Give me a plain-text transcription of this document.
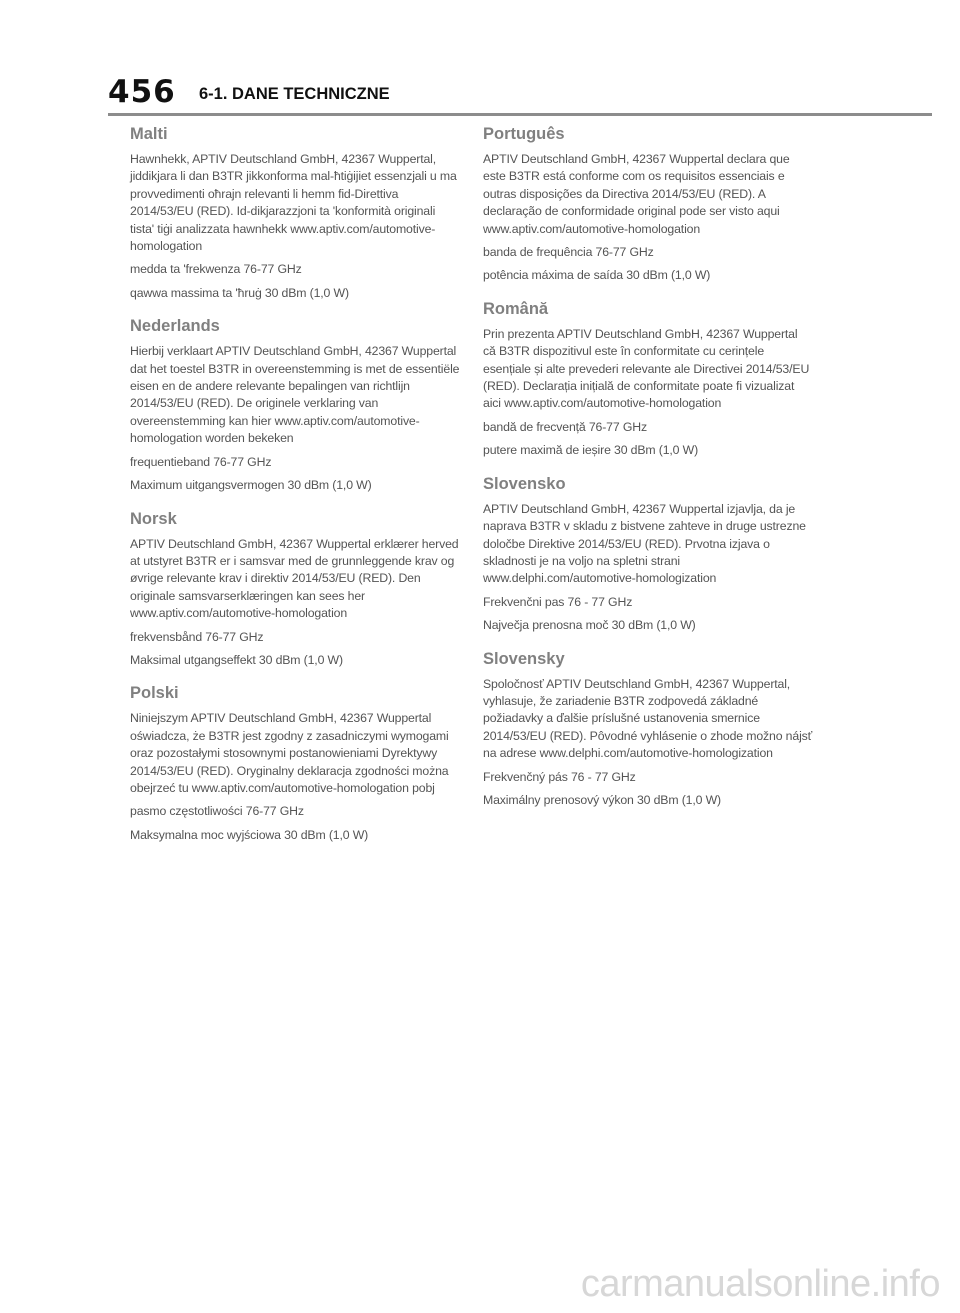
456 6-1. DANE TECHNICZNE
Malti

Hawnhekk, APTIV Deutschland GmbH, 42367 Wuppertal, jiddikjara li dan B3TR jikkonforma mal-ħtiġijiet essenzjali u ma provvedimenti oħrajn relevanti li hemm fid-Direttiva 2014/53/EU (RED). Id-dikjarazzjoni ta 'konformità originali tista' tiġi analizzata hawnhekk www.aptiv.com/automotive-homologation

medda ta 'frekwenza 76-77 GHz

qawwa massima ta 'ħruġ 30 dBm (1,0 W)

Nederlands

Hierbij verklaart APTIV Deutschland GmbH, 42367 Wuppertal dat het toestel B3TR in overeenstemming is met de essentiële eisen en de andere relevante bepalingen van richtlijn 2014/53/EU (RED). De originele verklaring van overeenstemming kan hier www.aptiv.com/automotive-homologation worden bekeken

frequentieband 76-77 GHz

Maximum uitgangsvermogen 30 dBm (1,0 W)

Norsk

APTIV Deutschland GmbH, 42367 Wuppertal erklærer herved at utstyret B3TR er i samsvar med de grunnleggende krav og øvrige relevante krav i direktiv 2014/53/EU (RED). Den originale samsvarserklæringen kan sees her www.aptiv.com/automotive-homologation

frekvensbånd 76-77 GHz

Maksimal utgangseffekt 30 dBm (1,0 W)

Polski

Niniejszym APTIV Deutschland GmbH, 42367 Wuppertal oświadcza, że B3TR jest zgodny z zasadniczymi wymogami oraz pozostałymi stosownymi postanowieniami Dyrektywy 2014/53/EU (RED). Oryginalny deklaracja zgodności można obejrzeć tu www.aptiv.com/automotive-homologation pobj

pasmo częstotliwości 76-77 GHz

Maksymalna moc wyjściowa 30 dBm (1,0 W)

Português

APTIV Deutschland GmbH, 42367 Wuppertal declara que este B3TR está conforme com os requisitos essenciais e outras disposições da Directiva 2014/53/EU (RED). A declaração de conformidade original pode ser visto aqui www.aptiv.com/automotive-homologation

banda de frequência 76-77 GHz

potência máxima de saída 30 dBm (1,0 W)

Română

Prin prezenta APTIV Deutschland GmbH, 42367 Wuppertal că B3TR dispozitivul este în conformitate cu cerințele esențiale și alte prevederi relevante ale Directivei 2014/53/EU (RED). Declarația inițială de conformitate poate fi vizualizat aici www.aptiv.com/automotive-homologation

bandă de frecvență 76-77 GHz

putere maximă de ieșire 30 dBm (1,0 W)

Slovensko

APTIV Deutschland GmbH, 42367 Wuppertal izjavlja, da je naprava B3TR v skladu z bistvene zahteve in druge ustrezne določbe Direktive 2014/53/EU (RED). Prvotna izjava o skladnosti je na voljo na spletni strani www.delphi.com/automotive-homologization

Frekvenčni pas 76 - 77 GHz

Največja prenosna moč 30 dBm (1,0 W)

Slovensky

Spoločnosť APTIV Deutschland GmbH, 42367 Wuppertal, vyhlasuje, že zariadenie B3TR zodpovedá základné požiadavky a ďalšie príslušné ustanovenia smernice 2014/53/EU (RED). Pôvodné vyhlásenie o zhode možno nájsť na adrese www.delphi.com/automotive-homologization

Frekvenčný pás 76 - 77 GHz

Maximálny prenosový výkon 30 dBm (1,0 W)

carmanualsonline.info
